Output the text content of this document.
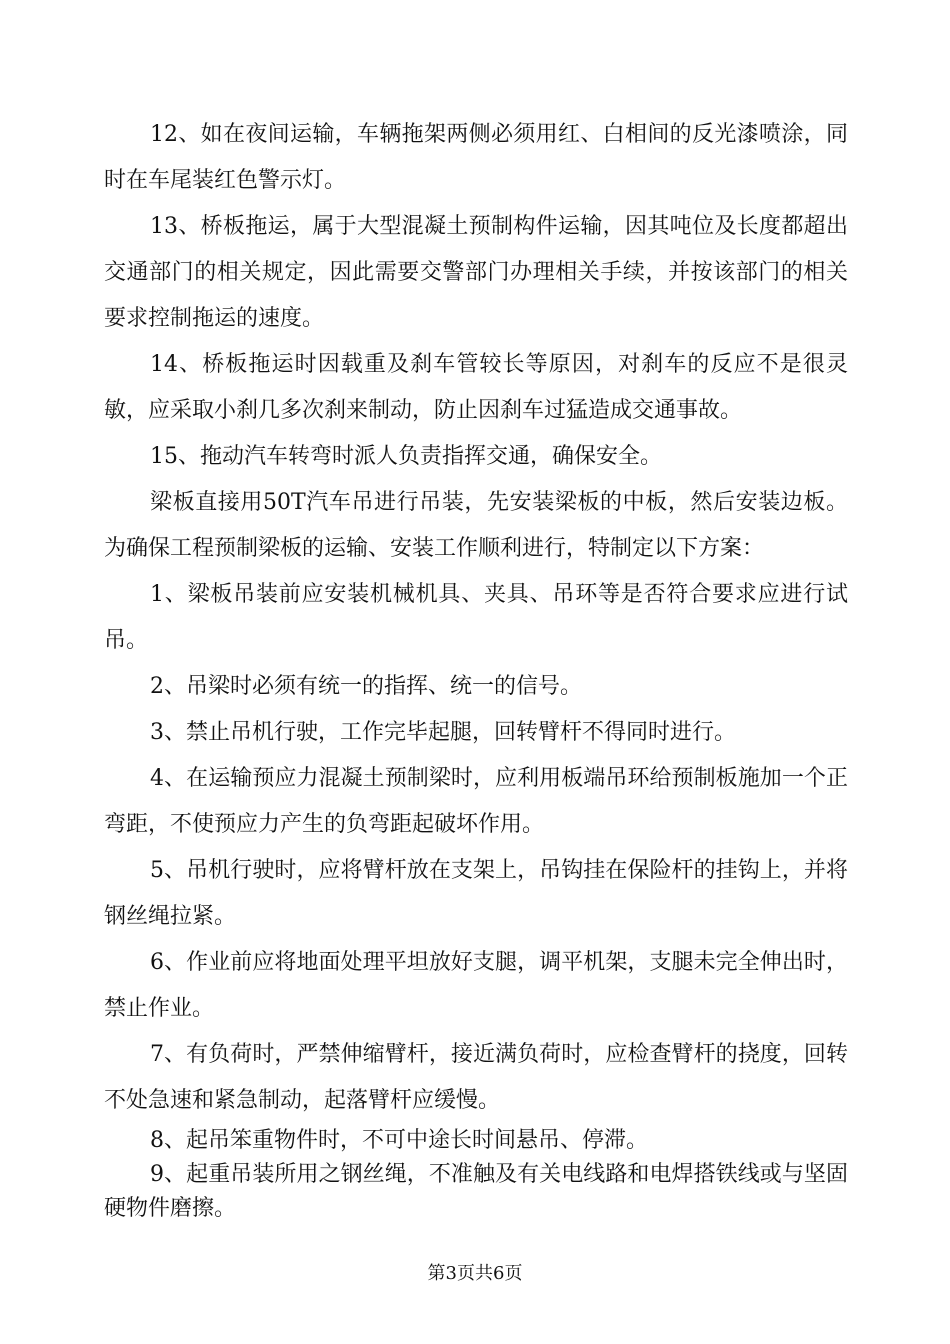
12、如在夜间运输，车辆拖架两侧必须用红、白相间的反光漆喷涂，同时在车尾装红色警示灯。

13、桥板拖运，属于大型混凝土预制构件运输，因其吨位及长度都超出交通部门的相关规定，因此需要交警部门办理相关手续，并按该部门的相关要求控制拖运的速度。

14、桥板拖运时因载重及刹车管较长等原因，对刹车的反应不是很灵敏，应采取小刹几多次刹来制动，防止因刹车过猛造成交通事故。

15、拖动汽车转弯时派人负责指挥交通，确保安全。

梁板直接用50T汽车吊进行吊装，先安装梁板的中板，然后安装边板。为确保工程预制梁板的运输、安装工作顺利进行，特制定以下方案：

1、梁板吊装前应安装机械机具、夹具、吊环等是否符合要求应进行试吊。

2、吊梁时必须有统一的指挥、统一的信号。

3、禁止吊机行驶，工作完毕起腿，回转臂杆不得同时进行。

4、在运输预应力混凝土预制梁时，应利用板端吊环给预制板施加一个正弯距，不使预应力产生的负弯距起破坏作用。

5、吊机行驶时，应将臂杆放在支架上，吊钩挂在保险杆的挂钩上，并将钢丝绳拉紧。

6、作业前应将地面处理平坦放好支腿，调平机架，支腿未完全伸出时，禁止作业。

7、有负荷时，严禁伸缩臂杆，接近满负荷时，应检查臂杆的挠度，回转不处急速和紧急制动，起落臂杆应缓慢。

8、起吊笨重物件时，不可中途长时间悬吊、停滞。

9、起重吊装所用之钢丝绳，不准触及有关电线路和电焊搭铁线或与坚固硬物件磨擦。

第3页共6页
